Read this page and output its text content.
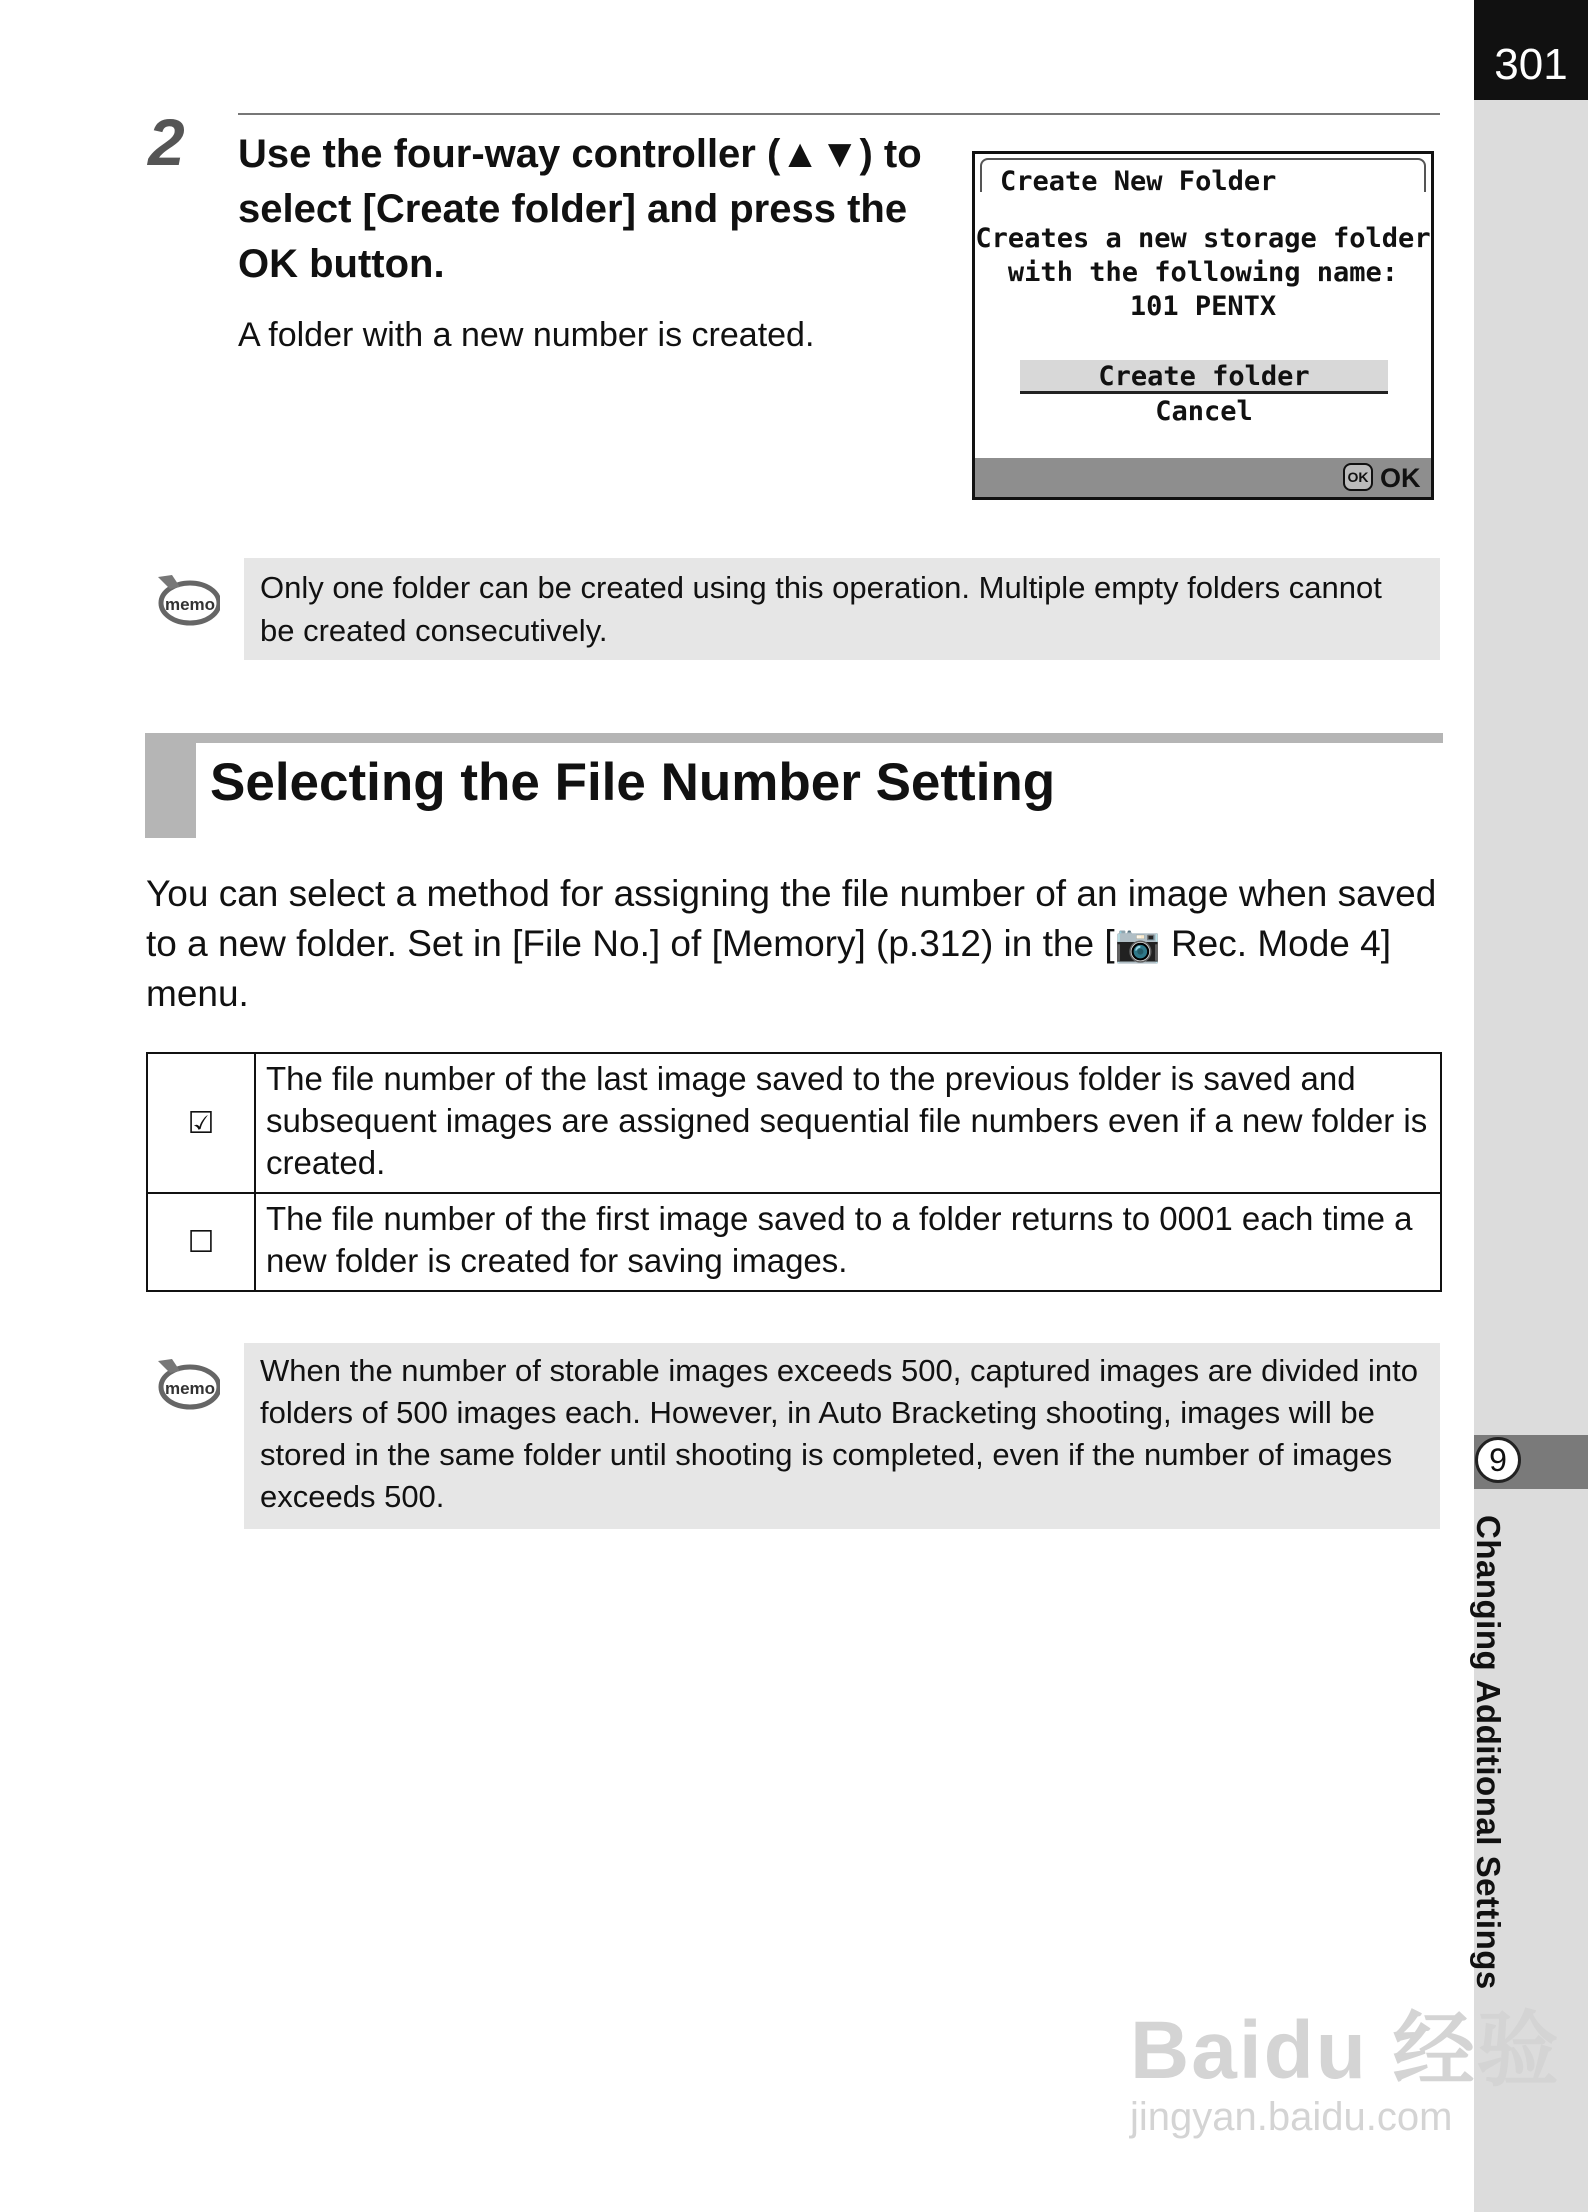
301
9
Changing Additional Settings
2 Use the four-way controller (▲▼) to select [Create folder] and press the OK button.
A folder with a new number is created.
Create New Folder
Creates a new storage folder
with the following name:
101 PENTX
Create folder
Cancel
OK OK
memo Only one folder can be created using this operation. Multiple empty folders cannot be created consecutively.
Selecting the File Number Setting
You can select a method for assigning the file number of an image when saved to a new folder. Set in [File No.] of [Memory] (p.312) in the [📷 Rec. Mode 4] menu.
☑	The file number of the last image saved to the previous folder is saved and subsequent images are assigned sequential file numbers even if a new folder is created.
☐	The file number of the first image saved to a folder returns to 0001 each time a new folder is created for saving images.
memo
When the number of storable images exceeds 500, captured images are divided into folders of 500 images each. However, in Auto Bracketing shooting, images will be stored in the same folder until shooting is completed, even if the number of images exceeds 500.
Baidu 经验
jingyan.baidu.com
